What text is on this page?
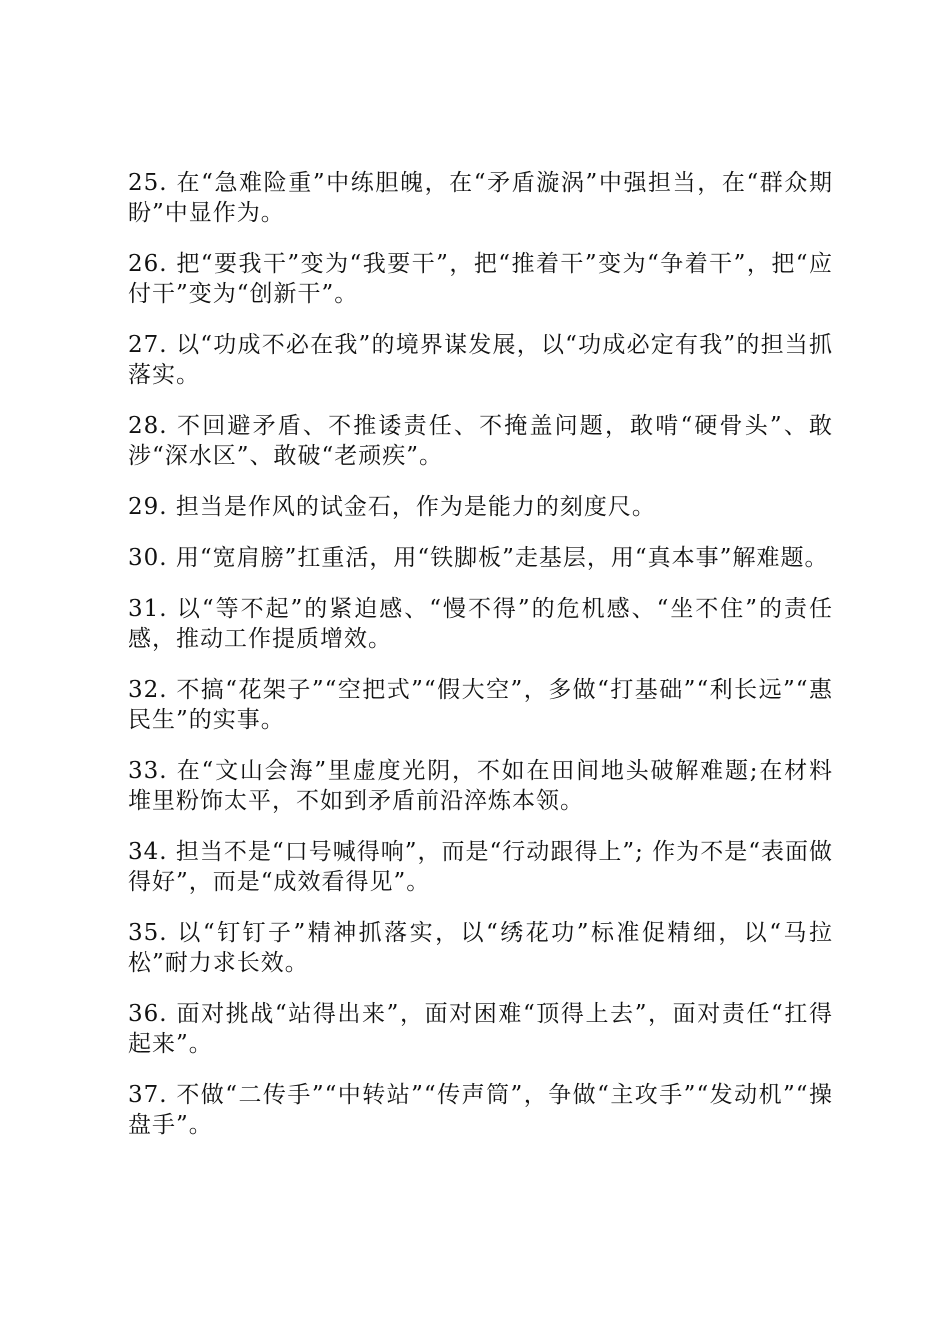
25. 在“急难险重”中练胆魄，在“矛盾漩涡”中强担当，在“群众期盼”中显作为。

26. 把“要我干”变为“我要干”，把“推着干”变为“争着干”，把“应付干”变为“创新干”。

27. 以“功成不必在我”的境界谋发展，以“功成必定有我”的担当抓落实。

28. 不回避矛盾、不推诿责任、不掩盖问题，敢啃“硬骨头”、敢涉“深水区”、敢破“老顽疾”。

29. 担当是作风的试金石，作为是能力的刻度尺。

30. 用“宽肩膀”扛重活，用“铁脚板”走基层，用“真本事”解难题。

31. 以“等不起”的紧迫感、“慢不得”的危机感、“坐不住”的责任感，推动工作提质增效。

32. 不搞“花架子”“空把式”“假大空”，多做“打基础”“利长远”“惠民生”的实事。

33. 在“文山会海”里虚度光阴，不如在田间地头破解难题;在材料堆里粉饰太平，不如到矛盾前沿淬炼本领。

34. 担当不是“口号喊得响”，而是“行动跟得上”; 作为不是“表面做得好”，而是“成效看得见”。

35. 以“钉钉子”精神抓落实，以“绣花功”标准促精细，以“马拉松”耐力求长效。

36. 面对挑战“站得出来”，面对困难“顶得上去”，面对责任“扛得起来”。

37. 不做“二传手”“中转站”“传声筒”，争做“主攻手”“发动机”“操盘手”。
